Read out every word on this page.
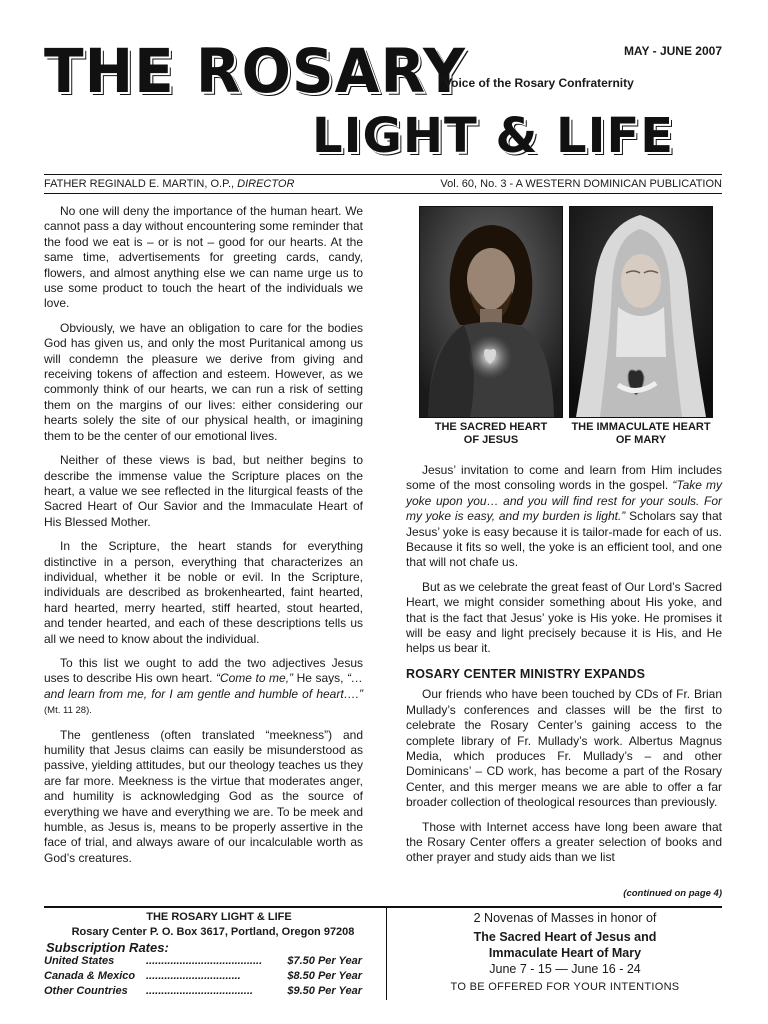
THE ROSARY
LIGHT & LIFE
MAY - JUNE 2007
Voice of the Rosary Confraternity
FATHER REGINALD E. MARTIN, O.P., DIRECTOR	Vol. 60, No. 3 - A WESTERN DOMINICAN PUBLICATION

No one will deny the importance of the human heart. We cannot pass a day without encountering some reminder that the food we eat is – or is not – good for our hearts. At the same time, advertisements for greeting cards, candy, flowers, and almost anything else we can name urge us to use some product to touch the heart of the individuals we love.

Obviously, we have an obligation to care for the bodies God has given us, and only the most Puritanical among us will condemn the pleasure we derive from giving and receiving tokens of affection and esteem. However, as we commonly think of our hearts, we can run a risk of setting them on the margins of our lives: either considering our hearts solely the site of our physical health, or imagining them to be the center of our emotional lives.

Neither of these views is bad, but neither begins to describe the immense value the Scripture places on the heart, a value we see reflected in the liturgical feasts of the Sacred Heart of Our Savior and the Immaculate Heart of His Blessed Mother.

In the Scripture, the heart stands for everything distinctive in a person, everything that characterizes an individual, whether it be noble or evil. In the Scripture, individuals are described as brokenhearted, faint hearted, hard hearted, merry hearted, stiff hearted, stout hearted, and tender hearted, and each of these descriptions tells us all we need to know about the individual.

To this list we ought to add the two adjectives Jesus uses to describe His own heart. “Come to me,” He says, “…and learn from me, for I am gentle and humble of heart….” (Mt. 11 28).

The gentleness (often translated “meekness”) and humility that Jesus claims can easily be misunderstood as passive, yielding attitudes, but our theology teaches us they are far more. Meekness is the virtue that moderates anger, and humility is acknowledging God as the source of everything we have and everything we are. To be meek and humble, as Jesus is, means to be properly assertive in the face of trial, and always aware of our incalculable worth as God’s creatures.

THE SACRED HEART
OF JESUS
THE IMMACULATE HEART
OF MARY

Jesus’ invitation to come and learn from Him includes some of the most consoling words in the gospel. “Take my yoke upon you… and you will find rest for your souls. For my yoke is easy, and my burden is light.” Scholars say that Jesus’ yoke is easy because it is tailor-made for each of us. Because it fits so well, the yoke is an efficient tool, and one that will not chafe us.

But as we celebrate the great feast of Our Lord’s Sacred Heart, we might consider something about His yoke, and that is the fact that Jesus’ yoke is His yoke. He promises it will be easy and light precisely because it is His, and He helps us bear it.

ROSARY CENTER MINISTRY EXPANDS

Our friends who have been touched by CDs of Fr. Brian Mullady’s conferences and classes will be the first to celebrate the Rosary Center’s gaining access to the complete library of Fr. Mullady’s work. Albertus Magnus Media, which produces Fr. Mullady’s – and other Dominicans’ – CD work, has become a part of the Rosary Center, and this merger means we are able to offer a far broader collection of theological resources than previously.

Those with Internet access have long been aware that the Rosary Center offers a greater selection of books and other prayer and study aids than we list

(continued on page 4)
THE ROSARY LIGHT & LIFE
Rosary Center P. O. Box 3617, Portland, Oregon 97208
Subscription Rates:
United States	...................................... $7.50 Per Year
Canada & Mexico ...............................	$8.50 Per Year
Other Countries ...................................	$9.50 Per Year
2 Novenas of Masses in honor of
The Sacred Heart of Jesus and
Immaculate Heart of Mary
June 7 - 15 — June 16 - 24
TO BE OFFERED FOR YOUR INTENTIONS
